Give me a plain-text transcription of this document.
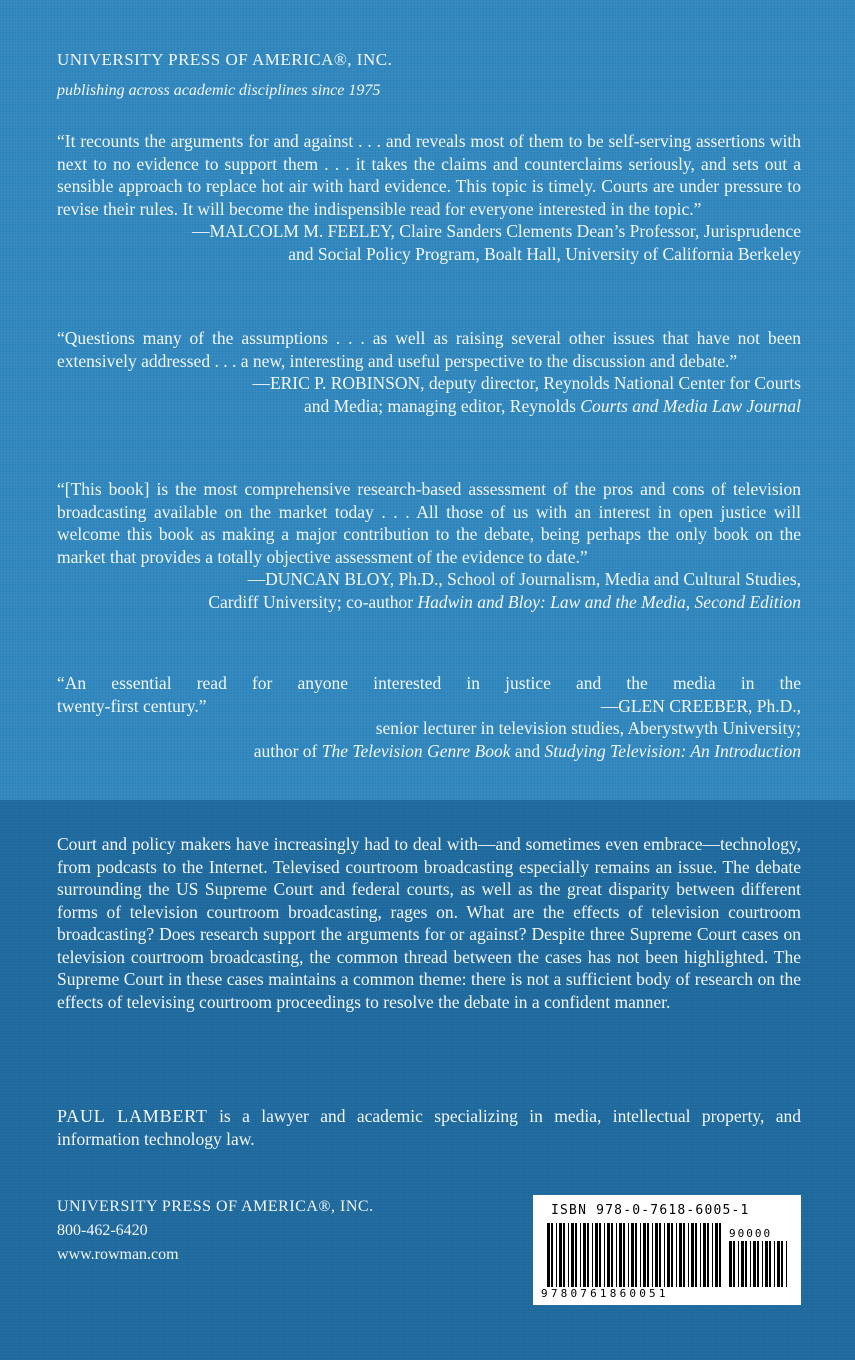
UNIVERSITY PRESS OF AMERICA®, INC.
publishing across academic disciplines since 1975

“It recounts the arguments for and against . . . and reveals most of them to be self-serving assertions with next to no evidence to support them . . . it takes the claims and counterclaims seriously, and sets out a sensible approach to replace hot air with hard evidence. This topic is timely. Courts are under pressure to revise their rules. It will become the indispensible read for everyone interested in the topic.”

—MALCOLM M. FEELEY, Claire Sanders Clements Dean’s Professor, Jurisprudence
and Social Policy Program, Boalt Hall, University of California Berkeley

“Questions many of the assumptions . . . as well as raising several other issues that have not been extensively addressed . . . a new, interesting and useful perspective to the discussion and debate.”

—ERIC P. ROBINSON, deputy director, Reynolds National Center for Courts
and Media; managing editor, Reynolds Courts and Media Law Journal

“[This book] is the most comprehensive research-based assessment of the pros and cons of television broadcasting available on the market today . . . All those of us with an interest in open justice will welcome this book as making a major contribution to the debate, being perhaps the only book on the market that provides a totally objective assessment of the evidence to date.”

—DUNCAN BLOY, Ph.D., School of Journalism, Media and Cultural Studies,
Cardiff University; co-author Hadwin and Bloy: Law and the Media, Second Edition

“An essential read for anyone interested in justice and the media in the

twenty-first century.”	—GLEN CREEBER, Ph.D.,

senior lecturer in television studies, Aberystwyth University;
author of The Television Genre Book and Studying Television: An Introduction

Court and policy makers have increasingly had to deal with—and sometimes even embrace—technology, from podcasts to the Internet. Televised courtroom broadcasting especially remains an issue. The debate surrounding the US Supreme Court and federal courts, as well as the great disparity between different forms of television courtroom broadcasting, rages on. What are the effects of television courtroom broadcasting? Does research support the arguments for or against? Despite three Supreme Court cases on television courtroom broadcasting, the common thread between the cases has not been highlighted. The Supreme Court in these cases maintains a common theme: there is not a sufficient body of research on the effects of televising courtroom proceedings to resolve the debate in a confident manner.

PAUL LAMBERT is a lawyer and academic specializing in media, intellectual property, and information technology law.

UNIVERSITY PRESS OF AMERICA®, INC.
800-462-6420
www.rowman.com
ISBN 978-0-7618-6005-1
90000
9780761860051
